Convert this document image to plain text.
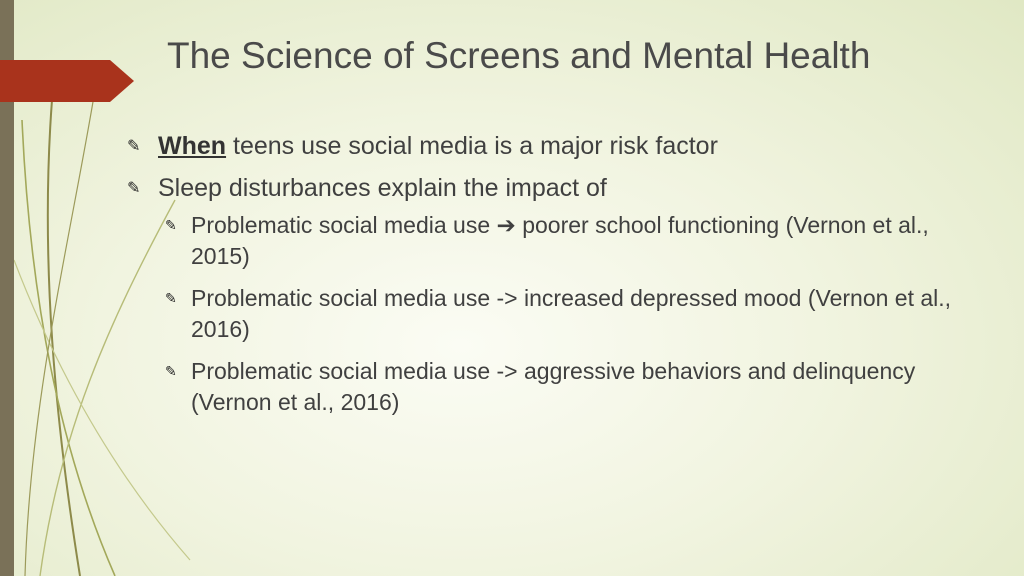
The Science of Screens and Mental Health
✎ When teens use social media is a major risk factor
✎ Sleep disturbances explain the impact of
✎ Problematic social media use ➔ poorer school functioning (Vernon et al., 2015)
✎ Problematic social media use -> increased depressed mood (Vernon et al., 2016)
✎ Problematic social media use -> aggressive behaviors and delinquency (Vernon et al., 2016)
